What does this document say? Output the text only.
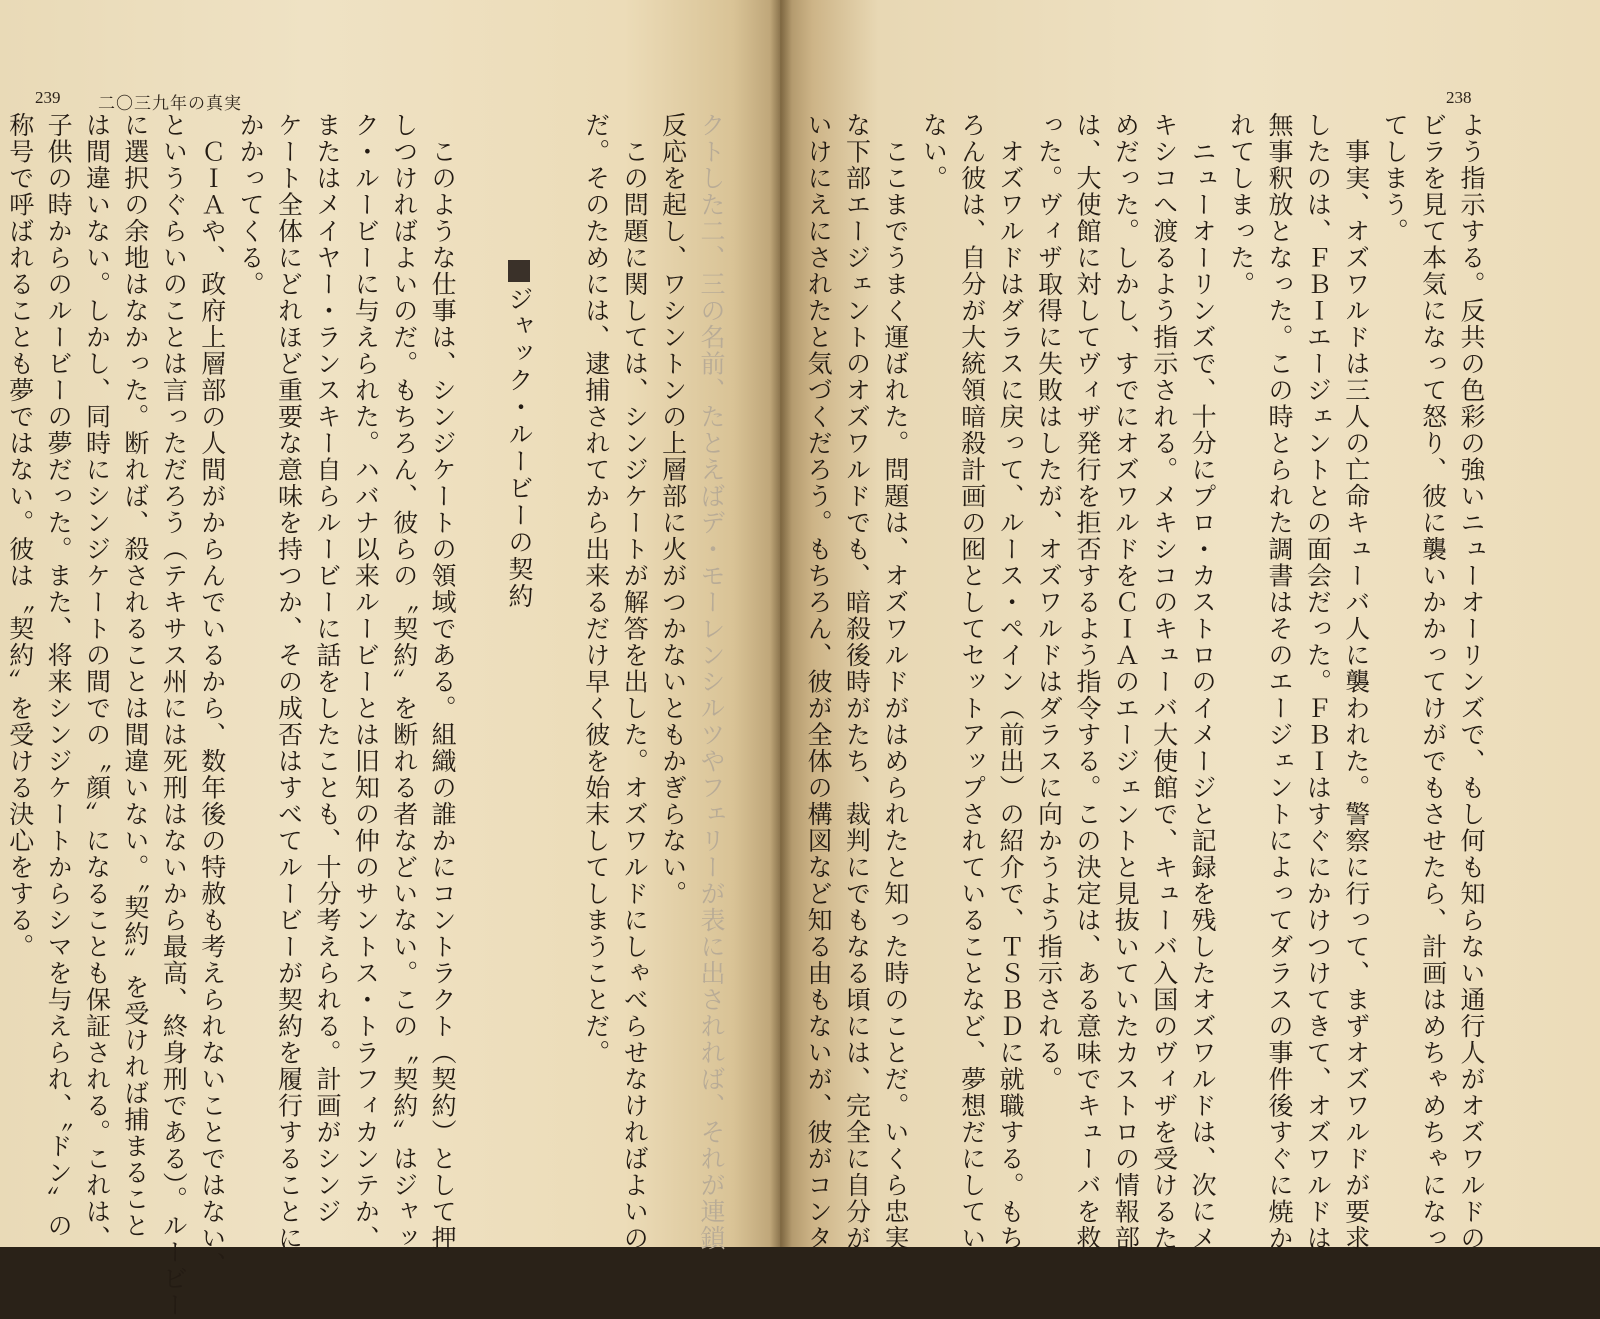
239 二〇三九年の真実
クトした二、三の名前、たとえばデ・モーレンシルツやフェリーが表に出されれば、それが連鎖
反応を起し、ワシントンの上層部に火がつかないともかぎらない。
　この問題に関しては、シンジケートが解答を出した。オズワルドにしゃべらせなければよいの
だ。そのためには、逮捕されてから出来るだけ早く彼を始末してしまうことだ。

ジャック・ルービーの契約

　このような仕事は、シンジケートの領域である。組織の誰かにコントラクト（契約）として押
しつければよいのだ。もちろん、彼らの〝契約〟を断れる者などいない。この〝契約〟はジャッ
ク・ルービーに与えられた。ハバナ以来ルービーとは旧知の仲のサントス・トラフィカンテか、
またはメイヤー・ランスキー自らルービーに話をしたことも、十分考えられる。計画がシンジ
ケート全体にどれほど重要な意味を持つか、その成否はすべてルービーが契約を履行することに
かかってくる。
　ＣＩＡや、政府上層部の人間がからんでいるから、数年後の特赦も考えられないことではない、
というぐらいのことは言っただろう（テキサス州には死刑はないから最高、終身刑である）。ルービー
に選択の余地はなかった。断れば、殺されることは間違いない。〝契約〟を受ければ捕まること
は間違いない。しかし、同時にシンジケートの間での〝顔〟になることも保証される。これは、
子供の時からのルービーの夢だった。また、将来シンジケートからシマを与えられ、〝ドン〟の
称号で呼ばれることも夢ではない。彼は〝契約〟を受ける決心をする。
238
よう指示する。反共の色彩の強いニューオーリンズで、もし何も知らない通行人がオズワルドの
ビラを見て本気になって怒り、彼に襲いかかってけがでもさせたら、計画はめちゃめちゃになっ
てしまう。
　事実、オズワルドは三人の亡命キューバ人に襲われた。警察に行って、まずオズワルドが要求
したのは、ＦＢＩエージェントとの面会だった。ＦＢＩはすぐにかけつけてきて、オズワルドは
無事釈放となった。この時とられた調書はそのエージェントによってダラスの事件後すぐに焼か
れてしまった。
　ニューオーリンズで、十分にプロ・カストロのイメージと記録を残したオズワルドは、次にメ
キシコへ渡るよう指示される。メキシコのキューバ大使館で、キューバ入国のヴィザを受けるた
めだった。しかし、すでにオズワルドをＣＩＡのエージェントと見抜いていたカストロの情報部
は、大使館に対してヴィザ発行を拒否するよう指令する。この決定は、ある意味でキューバを救
った。ヴィザ取得に失敗はしたが、オズワルドはダラスに向かうよう指示される。
　オズワルドはダラスに戻って、ルース・ペイン（前出）の紹介で、ＴＳＢＤに就職する。もち
ろん彼は、自分が大統領暗殺計画の囮としてセットアップされていることなど、夢想だにしてい
ない。
　ここまでうまく運ばれた。問題は、オズワルドがはめられたと知った時のことだ。いくら忠実
な下部エージェントのオズワルドでも、暗殺後時がたち、裁判にでもなる頃には、完全に自分が
いけにえにされたと気づくだろう。もちろん、彼が全体の構図など知る由もないが、彼がコンタ
